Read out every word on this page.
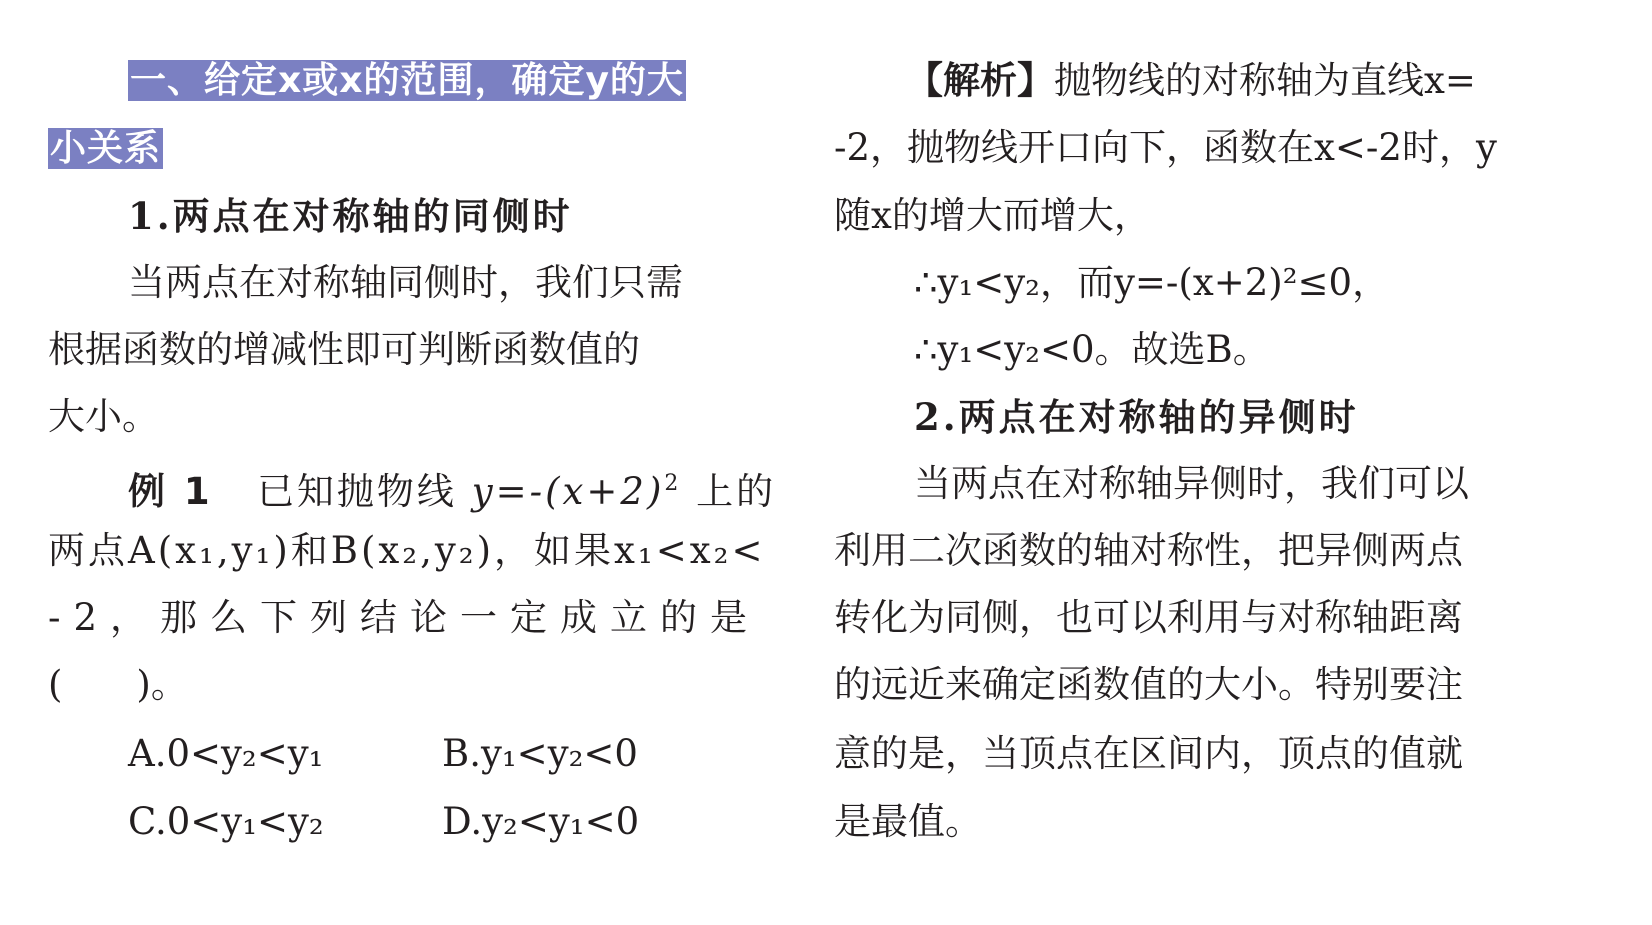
一、给定x或x的范围，确定y的大
小关系
1.两点在对称轴的同侧时
当两点在对称轴同侧时，我们只需
根据函数的增减性即可判断函数值的
大小。
例 1 已知抛物线 $y=-(x+2)^2$ 上的
两点A(x₁,y₁)和B(x₂,y₂)，如果x₁<x₂<
-2，那么下列结论一定成立的是
(　　)。
A.0<y₂<y₁	B.y₁<y₂<0
C.0<y₁<y₂	D.y₂<y₁<0
【解析】抛物线的对称轴为直线x=
-2，抛物线开口向下，函数在x<-2时，y
随x的增大而增大，
∴y₁<y₂，而y=-(x+2)²≤0，
∴y₁<y₂<0。故选B。
2.两点在对称轴的异侧时
当两点在对称轴异侧时，我们可以
利用二次函数的轴对称性，把异侧两点
转化为同侧，也可以利用与对称轴距离
的远近来确定函数值的大小。特别要注
意的是，当顶点在区间内，顶点的值就
是最值。
